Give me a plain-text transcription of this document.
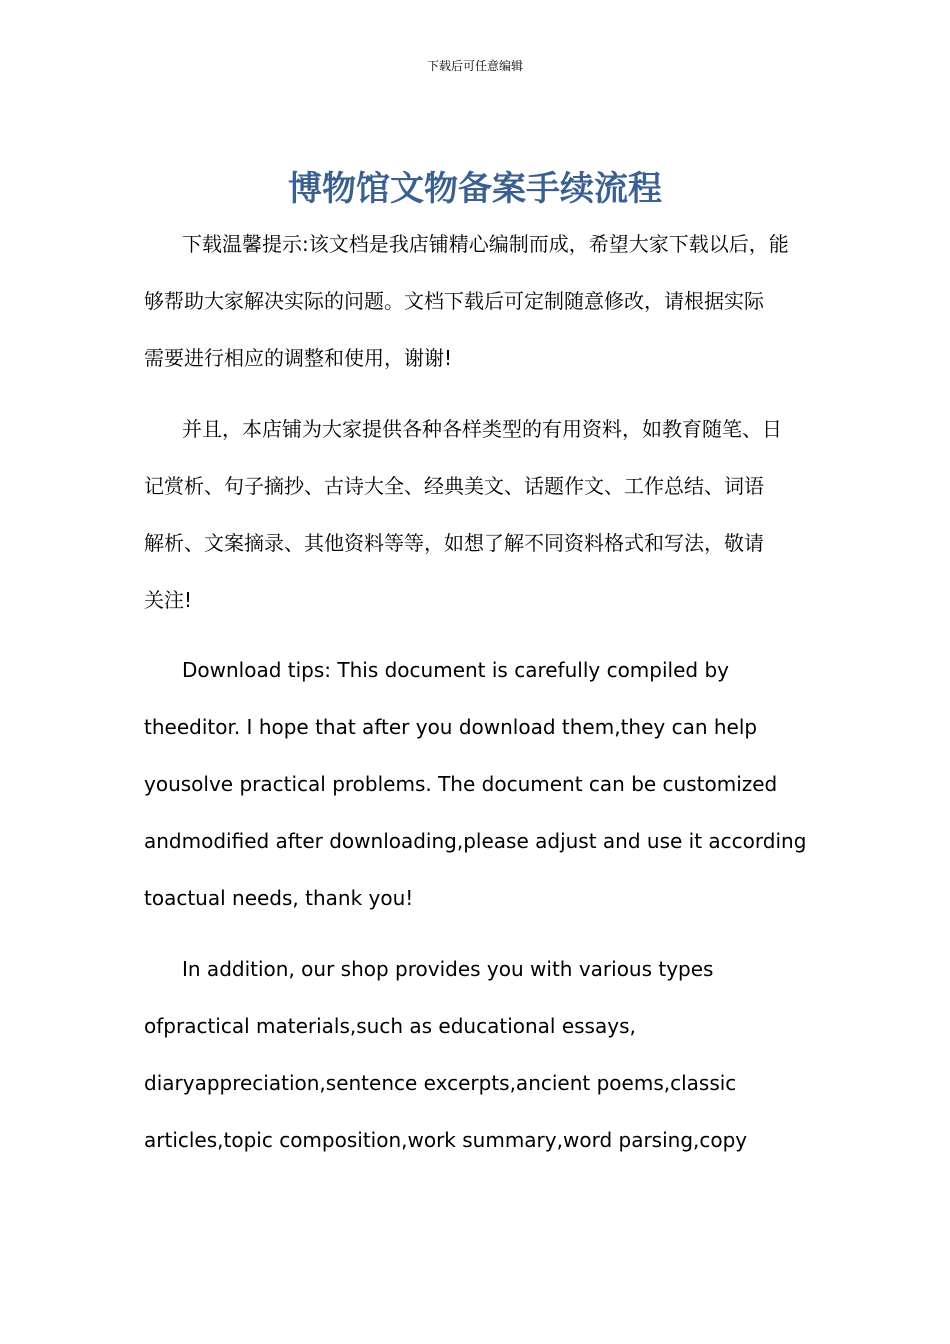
下载后可任意编辑
博物馆文物备案手续流程
下载温馨提示:该文档是我店铺精心编制而成，希望大家下载以后，能
够帮助大家解决实际的问题。文档下载后可定制随意修改，请根据实际
需要进行相应的调整和使用，谢谢!
并且，本店铺为大家提供各种各样类型的有用资料，如教育随笔、日
记赏析、句子摘抄、古诗大全、经典美文、话题作文、工作总结、词语
解析、文案摘录、其他资料等等，如想了解不同资料格式和写法，敬请
关注!
Download tips: This document is carefully compiled by
theeditor. I hope that after you download them,they can help
yousolve practical problems. The document can be customized
andmodified after downloading,please adjust and use it according
toactual needs, thank you!
In addition, our shop provides you with various types
ofpractical materials,such as educational essays,
diaryappreciation,sentence excerpts,ancient poems,classic
articles,topic composition,work summary,word parsing,copy
